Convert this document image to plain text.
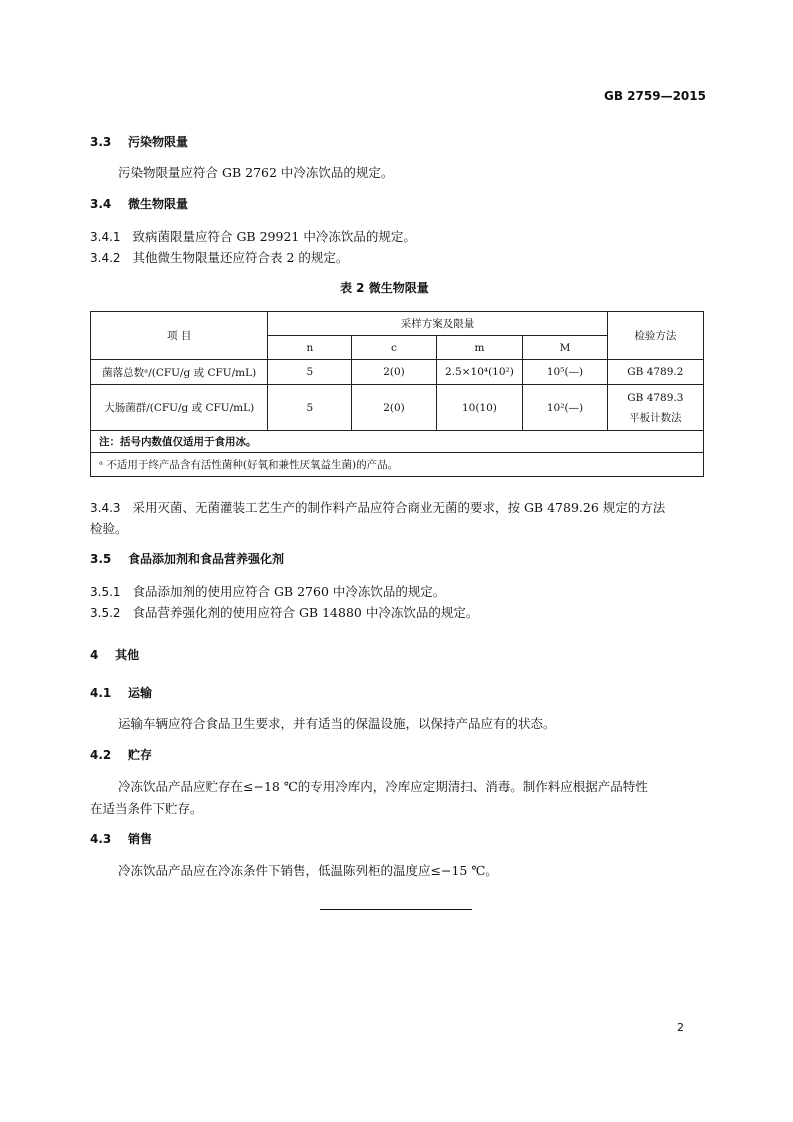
GB 2759—2015
3.3 污染物限量
污染物限量应符合 GB 2762 中冷冻饮品的规定。
3.4 微生物限量
3.4.1 致病菌限量应符合 GB 29921 中冷冻饮品的规定。
3.4.2 其他微生物限量还应符合表 2 的规定。
表 2 微生物限量
项 目	采样方案及限量				检验方法
	n	c	m	M	
菌落总数ᵃ/(CFU/g 或 CFU/mL)	5	2(0)	2.5×10⁴(10²)	10⁵(—)	GB 4789.2
大肠菌群/(CFU/g 或 CFU/mL)	5	2(0)	10(10)	10²(—)	GB 4789.3
平板计数法

注：括号内数值仅适用于食用冰。					
ᵃ 不适用于终产品含有活性菌种(好氧和兼性厌氧益生菌)的产品。					
3.4.3 采用灭菌、无菌灌装工艺生产的制作料产品应符合商业无菌的要求，按 GB 4789.26 规定的方法
检验。
3.5 食品添加剂和食品营养强化剂
3.5.1 食品添加剂的使用应符合 GB 2760 中冷冻饮品的规定。
3.5.2 食品营养强化剂的使用应符合 GB 14880 中冷冻饮品的规定。
4 其他
4.1 运输
运输车辆应符合食品卫生要求，并有适当的保温设施，以保持产品应有的状态。
4.2 贮存
冷冻饮品产品应贮存在≤−18 ℃的专用冷库内，冷库应定期清扫、消毒。制作料应根据产品特性
在适当条件下贮存。
4.3 销售
冷冻饮品产品应在冷冻条件下销售，低温陈列柜的温度应≤−15 ℃。
2
